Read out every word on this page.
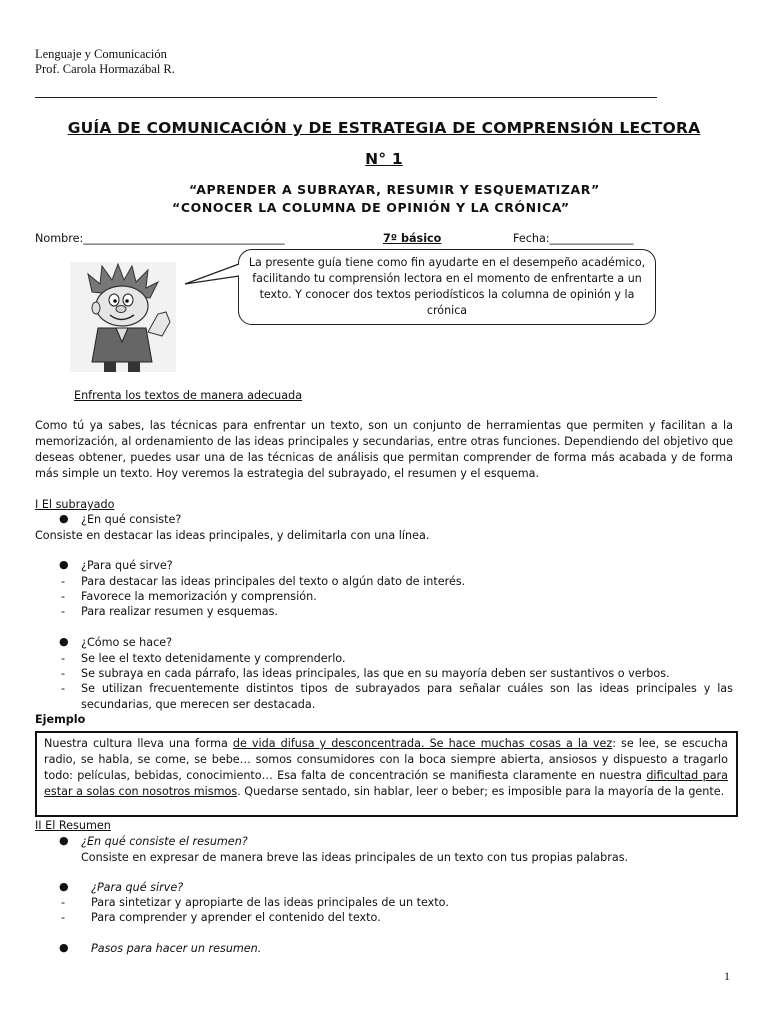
Lenguaje y Comunicación
Prof. Carola Hormazábal R.
GUÍA DE COMUNICACIÓN y DE ESTRATEGIA DE COMPRENSIÓN LECTORA
N° 1
“APRENDER A SUBRAYAR, RESUMIR Y ESQUEMATIZAR”
“CONOCER LA COLUMNA DE OPINIÓN Y LA CRÓNICA”
Nombre:____________________________________	7º básico	Fecha:_______________
La presente guía tiene como fin ayudarte en el desempeño académico, facilitando tu comprensión lectora en el momento de enfrentarte a un texto. Y conocer dos textos periodísticos la columna de opinión y la crónica
Enfrenta los textos de manera adecuada
Como tú ya sabes, las técnicas para enfrentar un texto, son un conjunto de herramientas que permiten y facilitan a la memorización, al ordenamiento de las ideas principales y secundarias, entre otras funciones. Dependiendo del objetivo que deseas obtener, puedes usar una de las técnicas de análisis que permitan comprender de forma más acabada y de forma más simple un texto. Hoy veremos la estrategia del subrayado, el resumen y el esquema.
I El subrayado
● ¿En qué consiste?
Consiste en destacar las ideas principales, y delimitarla con una línea.
● ¿Para qué sirve?
- Para destacar las ideas principales del texto o algún dato de interés.
- Favorece la memorización y comprensión.
- Para realizar resumen y esquemas.
● ¿Cómo se hace?
- Se lee el texto detenidamente y comprenderlo.
- Se subraya en cada párrafo, las ideas principales, las que en su mayoría deben ser sustantivos o verbos.
- Se utilizan frecuentemente distintos tipos de subrayados para señalar cuáles son las ideas principales y las secundarias, que merecen ser destacada.
Ejemplo
Nuestra cultura lleva una forma de vida difusa y desconcentrada. Se hace muchas cosas a la vez: se lee, se escucha radio, se habla, se come, se bebe… somos consumidores con la boca siempre abierta, ansiosos y dispuesto a tragarlo todo: películas, bebidas, conocimiento… Esa falta de concentración se manifiesta claramente en nuestra dificultad para estar a solas con nosotros mismos. Quedarse sentado, sin hablar, leer o beber; es imposible para la mayoría de la gente.
II El Resumen
● ¿En qué consiste el resumen?
Consiste en expresar de manera breve las ideas principales de un texto con tus propias palabras.
● ¿Para qué sirve?
- Para sintetizar y apropiarte de las ideas principales de un texto.
- Para comprender y aprender el contenido del texto.
● Pasos para hacer un resumen.
1
